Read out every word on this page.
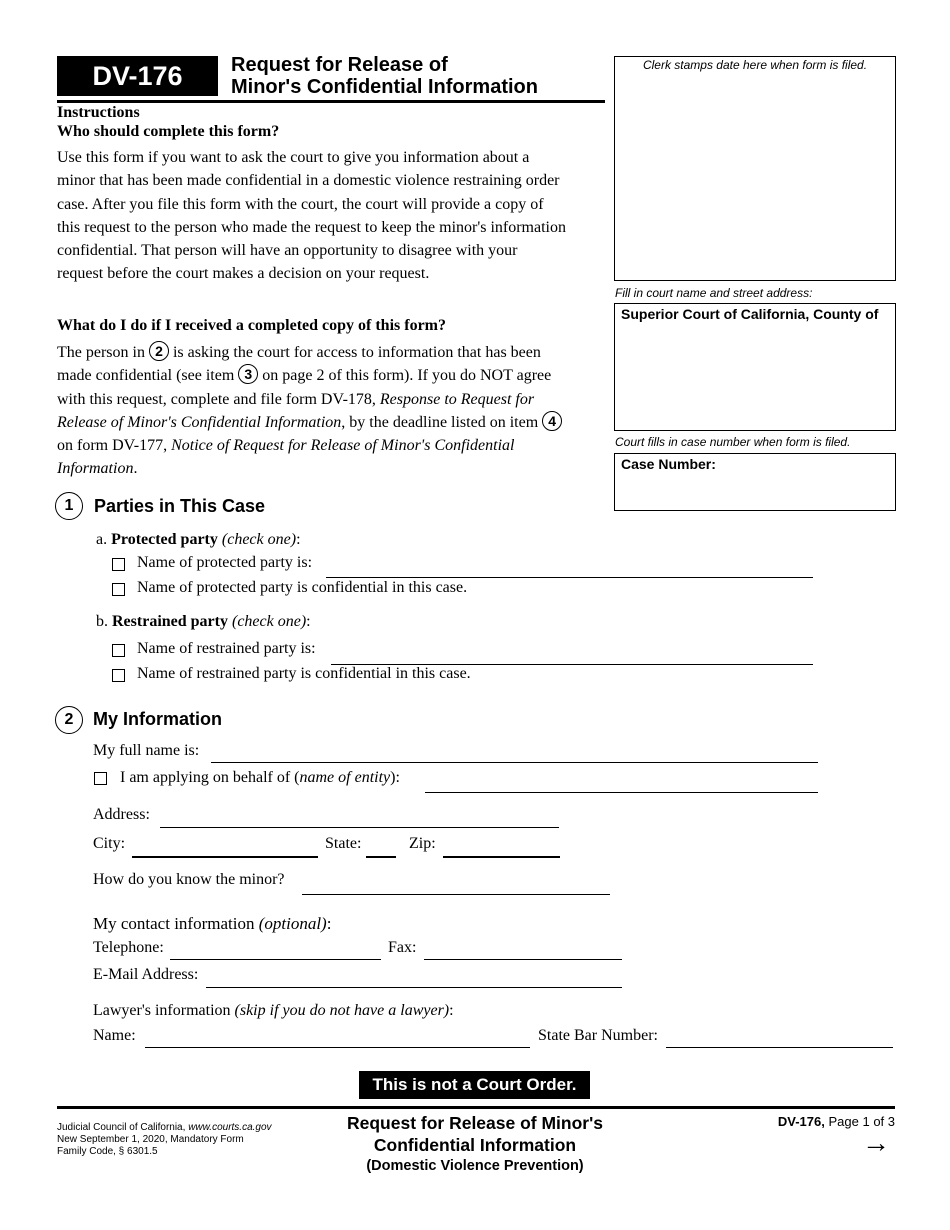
DV-176	Request for Release of
Minor's Confidential Information
Instructions
Who should complete this form?
Use this form if you want to ask the court to give you information about a
minor that has been made confidential in a domestic violence restraining order
case. After you file this form with the court, the court will provide a copy of
this request to the person who made the request to keep the minor's information
confidential. That person will have an opportunity to disagree with your
request before the court makes a decision on your request.
What do I do if I received a completed copy of this form?
The person in 2 is asking the court for access to information that has been
made confidential (see item 3 on page 2 of this form). If you do NOT agree
with this request, complete and file form DV-178, Response to Request for
Release of Minor's Confidential Information, by the deadline listed on item 4
on form DV-177, Notice of Request for Release of Minor's Confidential
Information.
Clerk stamps date here when form is filed.
Fill in court name and street address:
Superior Court of California, County of
Court fills in case number when form is filed.
Case Number:
1	Parties in This Case
a. Protected party (check one):
Name of protected party is:
Name of protected party is confidential in this case.
b. Restrained party (check one):
Name of restrained party is:
Name of restrained party is confidential in this case.
2	My Information
My full name is:
I am applying on behalf of (name of entity):
Address:
City:	State:	Zip:
How do you know the minor?
My contact information (optional):
Telephone:	Fax:
E-Mail Address:
Lawyer's information (skip if you do not have a lawyer):
Name:	State Bar Number:
This is not a Court Order.
Judicial Council of California, www.courts.ca.gov
New September 1, 2020, Mandatory Form
Family Code, § 6301.5
Request for Release of Minor's
Confidential Information
(Domestic Violence Prevention)
DV-176, Page 1 of 3
→
